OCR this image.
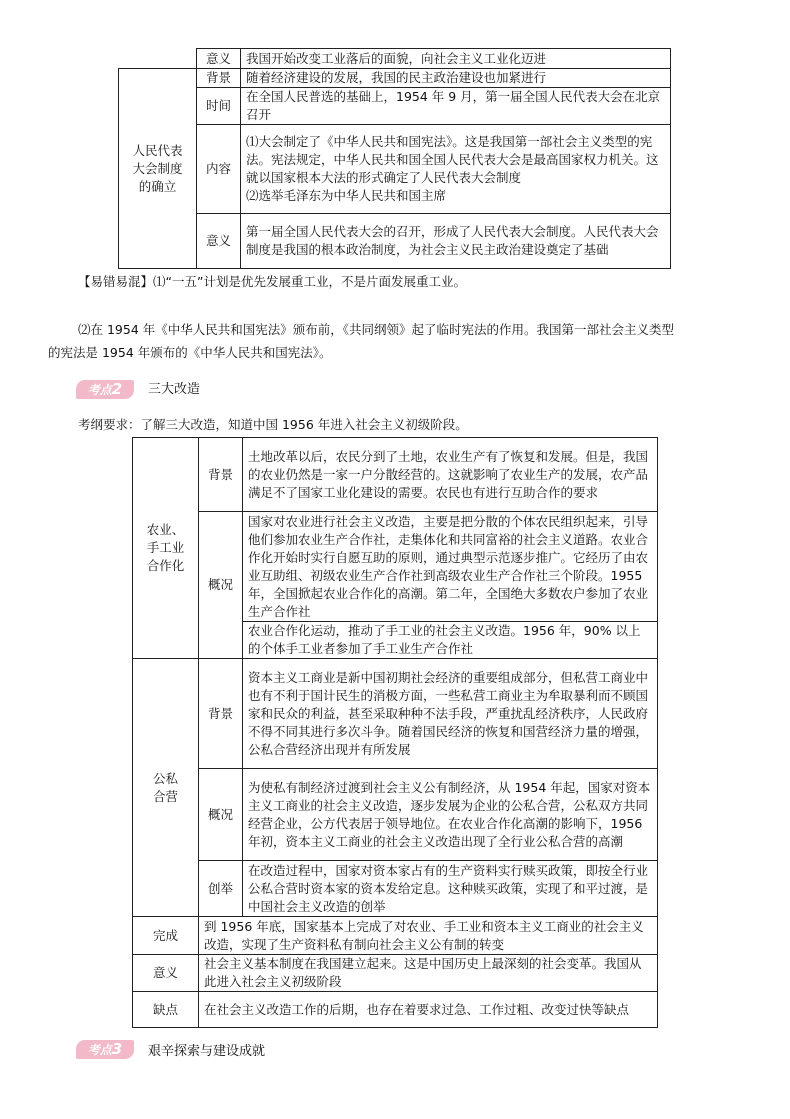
	意义	我国开始改变工业落后的面貌，向社会主义工业化迈进
人民代表大会制度的确立	背景	随着经济建设的发展，我国的民主政治建设也加紧进行
	时间	在全国人民普选的基础上，1954 年 9 月，第一届全国人民代表大会在北京召开
	内容	⑴大会制定了《中华人民共和国宪法》。这是我国第一部社会主义类型的宪法。宪法规定，中华人民共和国全国人民代表大会是最高国家权力机关。这就以国家根本大法的形式确定了人民代表大会制度
⑵选举毛泽东为中华人民共和国主席

	意义	第一届全国人民代表大会的召开，形成了人民代表大会制度。人民代表大会制度是我国的根本政治制度，为社会主义民主政治建设奠定了基础
【易错易混】⑴“一五”计划是优先发展重工业，不是片面发展重工业。
⑵在 1954 年《中华人民共和国宪法》颁布前，《共同纲领》起了临时宪法的作用。我国第一部社会主义类型
的宪法是 1954 年颁布的《中华人民共和国宪法》。
考点2	三大改造
考纲要求：了解三大改造，知道中国 1956 年进入社会主义初级阶段。
农业、手工业合作化	背景	土地改革以后，农民分到了土地，农业生产有了恢复和发展。但是，我国的农业仍然是一家一户分散经营的。这就影响了农业生产的发展，农产品满足不了国家工业化建设的需要。农民也有进行互助合作的要求
	概况	国家对农业进行社会主义改造，主要是把分散的个体农民组织起来，引导他们参加农业生产合作社，走集体化和共同富裕的社会主义道路。农业合作化开始时实行自愿互助的原则，通过典型示范逐步推广。它经历了由农业互助组、初级农业生产合作社到高级农业生产合作社三个阶段。1955 年，全国掀起农业合作化的高潮。第二年，全国绝大多数农户参加了农业生产合作社
		农业合作化运动，推动了手工业的社会主义改造。1956 年，90% 以上的个体手工业者参加了手工业生产合作社
公私合营	背景	资本主义工商业是新中国初期社会经济的重要组成部分，但私营工商业中也有不利于国计民生的消极方面，一些私营工商业主为牟取暴利而不顾国家和民众的利益，甚至采取种种不法手段，严重扰乱经济秩序，人民政府不得不同其进行多次斗争。随着国民经济的恢复和国营经济力量的增强，公私合营经济出现并有所发展
	概况	为使私有制经济过渡到社会主义公有制经济，从 1954 年起，国家对资本主义工商业的社会主义改造，逐步发展为企业的公私合营，公私双方共同经营企业，公方代表居于领导地位。在农业合作化高潮的影响下，1956 年初，资本主义工商业的社会主义改造出现了全行业公私合营的高潮
	创举	在改造过程中，国家对资本家占有的生产资料实行赎买政策，即按全行业公私合营时资本家的资本发给定息。这种赎买政策，实现了和平过渡，是中国社会主义改造的创举
完成	到 1956 年底，国家基本上完成了对农业、手工业和资本主义工商业的社会主义改造，实现了生产资料私有制向社会主义公有制的转变	
意义	社会主义基本制度在我国建立起来。这是中国历史上最深刻的社会变革。我国从此进入社会主义初级阶段	
缺点	在社会主义改造工作的后期，也存在着要求过急、工作过粗、改变过快等缺点	
考点3	艰辛探索与建设成就
